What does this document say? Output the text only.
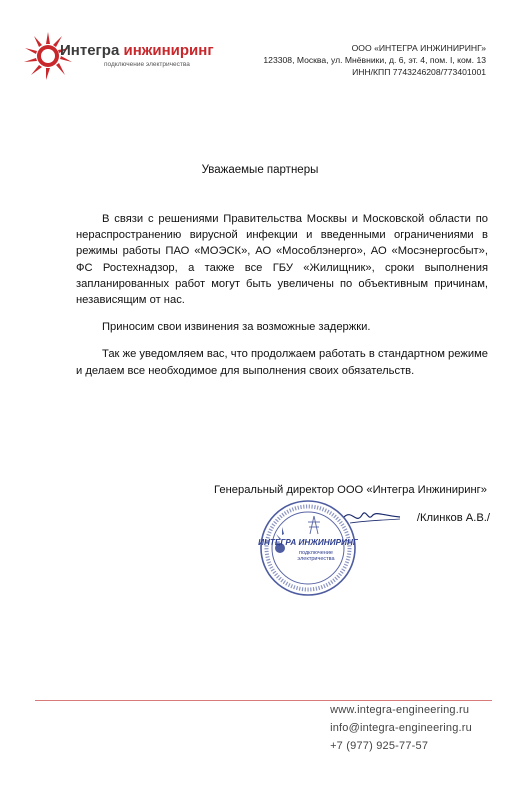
Интегра инжиниринг
подключение электричества
ООО «ИНТЕГРА ИНЖИНИРИНГ»
123308, Москва, ул. Мнёвники, д. 6, эт. 4, пом. I, ком. 13
ИНН/КПП 7743246208/773401001
Уважаемые партнеры

В связи с решениями Правительства Москвы и Московской области по нераспространению вирусной инфекции и введенными ограничениями в режимы работы ПАО «МОЭСК», АО «Мособлэнерго», АО «Мосэнергосбыт», ФС Ростехнадзор, а также все ГБУ «Жилищник», сроки выполнения запланированных работ могут быть увеличены по объективным причинам, независящим от нас.

Приносим свои извинения за возможные задержки.

Так же уведомляем вас, что продолжаем работать в стандартном режиме и делаем все необходимое для выполнения своих обязательств.

Генеральный директор ООО «Интегра Инжиниринг»
ИНТЕГРА ИНЖИНИРИНГ
подключение
электричества
/Клинков А.В./
www.integra-engineering.ru
info@integra-engineering.ru
+7 (977) 925-77-57
